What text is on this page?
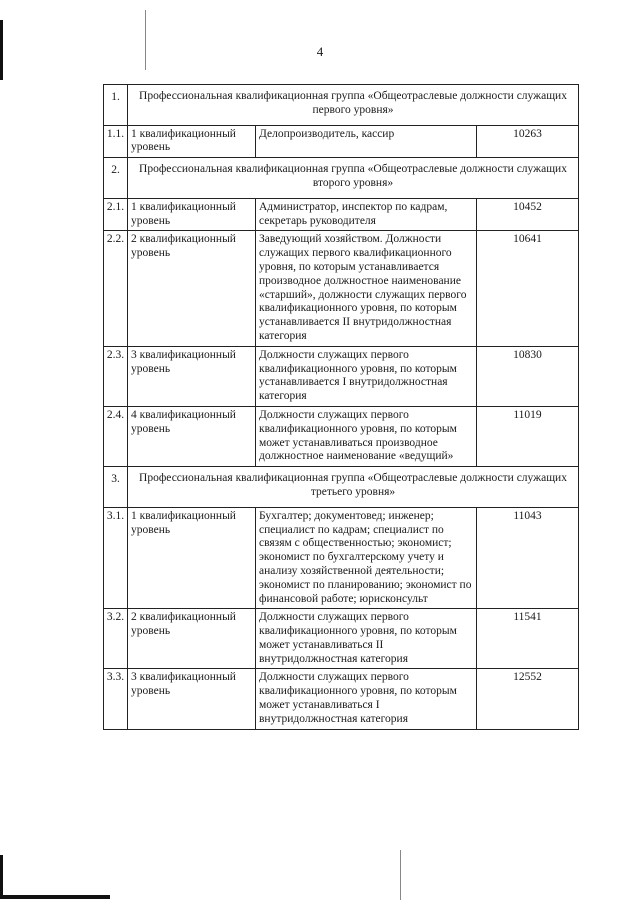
4
1.	Профессиональная квалификационная группа «Общеотраслевые должности служащих первого уровня»		
1.1.	1 квалификационный уровень	Делопроизводитель, кассир	10263
2.	Профессиональная квалификационная группа «Общеотраслевые должности служащих второго уровня»		
2.1.	1 квалификационный уровень	Администратор, инспектор по кадрам, секретарь руководителя	10452
2.2.	2 квалификационный уровень	Заведующий хозяйством. Должности служащих первого квалификационного уровня, по которым устанавливается производное должностное наименование «старший», должности служащих первого квалификационного уровня, по которым устанавливается II внутридолжностная категория	10641
2.3.	3 квалификационный уровень	Должности служащих первого квалификационного уровня, по которым устанавливается I внутридолжностная категория	10830
2.4.	4 квалификационный уровень	Должности служащих первого квалификационного уровня, по которым может устанавливаться производное должностное наименование «ведущий»	11019
3.	Профессиональная квалификационная группа «Общеотраслевые должности служащих третьего уровня»		
3.1.	1 квалификационный уровень	Бухгалтер; документовед; инженер; специалист по кадрам; специалист по связям с общественностью; экономист; экономист по бухгалтерскому учету и анализу хозяйственной деятельности; экономист по планированию; экономист по финансовой работе; юрисконсульт	11043
3.2.	2 квалификационный уровень	Должности служащих первого квалификационного уровня, по которым может устанавливаться II внутридолжностная категория	11541
3.3.	3 квалификационный уровень	Должности служащих первого квалификационного уровня, по которым может устанавливаться I внутридолжностная категория	12552
